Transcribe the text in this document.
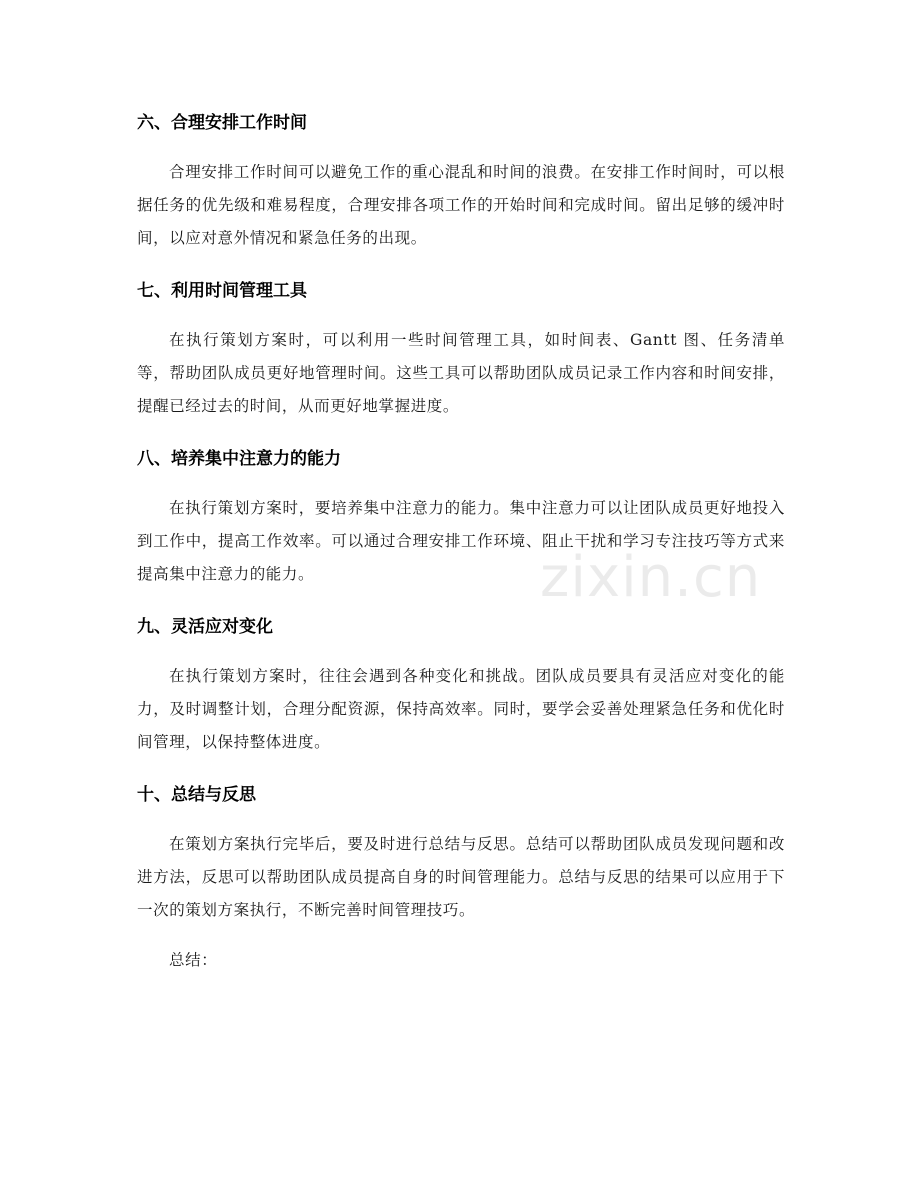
六、合理安排工作时间

合理安排工作时间可以避免工作的重心混乱和时间的浪费。在安排工作时间时，可以根据任务的优先级和难易程度，合理安排各项工作的开始时间和完成时间。留出足够的缓冲时间，以应对意外情况和紧急任务的出现。

七、利用时间管理工具

在执行策划方案时，可以利用一些时间管理工具，如时间表、Gantt 图、任务清单等，帮助团队成员更好地管理时间。这些工具可以帮助团队成员记录工作内容和时间安排，提醒已经过去的时间，从而更好地掌握进度。

八、培养集中注意力的能力

在执行策划方案时，要培养集中注意力的能力。集中注意力可以让团队成员更好地投入到工作中，提高工作效率。可以通过合理安排工作环境、阻止干扰和学习专注技巧等方式来提高集中注意力的能力。

九、灵活应对变化

在执行策划方案时，往往会遇到各种变化和挑战。团队成员要具有灵活应对变化的能力，及时调整计划，合理分配资源，保持高效率。同时，要学会妥善处理紧急任务和优化时间管理，以保持整体进度。

十、总结与反思

在策划方案执行完毕后，要及时进行总结与反思。总结可以帮助团队成员发现问题和改进方法，反思可以帮助团队成员提高自身的时间管理能力。总结与反思的结果可以应用于下一次的策划方案执行，不断完善时间管理技巧。

总结：

zixin.cn
